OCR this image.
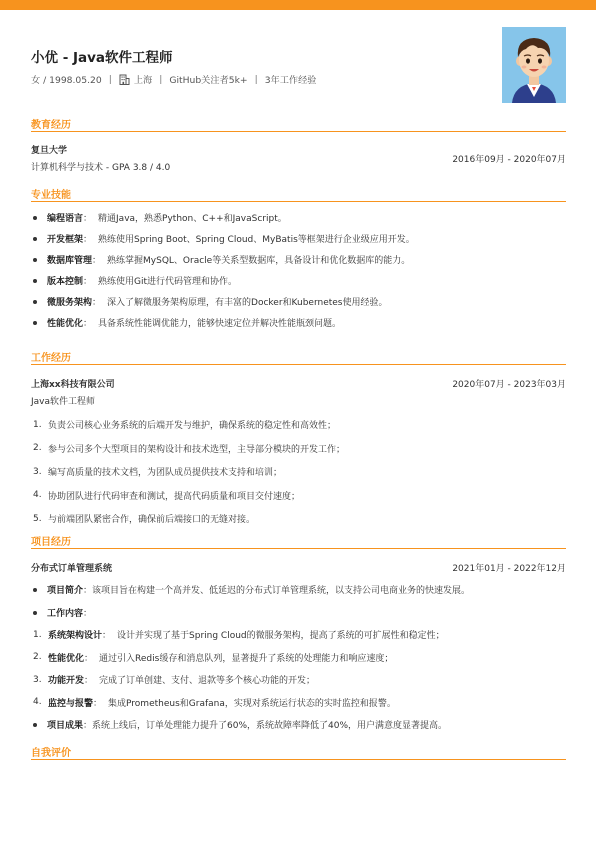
小优 - Java软件工程师
女 / 1998.05.20 | 上海 | GitHub关注者5k+ | 3年工作经验
教育经历
复旦大学
2016年09月 - 2020年07月
计算机科学与技术 - GPA 3.8 / 4.0
专业技能
编程语言 ： 精通Java，熟悉Python、C++和JavaScript。
开发框架 ： 熟练使用Spring Boot、Spring Cloud、MyBatis等框架进行企业级应用开发。
数据库管理 ： 熟练掌握MySQL、Oracle等关系型数据库，具备设计和优化数据库的能力。
版本控制 ： 熟练使用Git进行代码管理和协作。
微服务架构 ： 深入了解微服务架构原理，有丰富的Docker和Kubernetes使用经验。
性能优化 ： 具备系统性能调优能力，能够快速定位并解决性能瓶颈问题。
工作经历
上海xx科技有限公司	2020年07月 - 2023年03月
Java软件工程师
1. 负责公司核心业务系统的后端开发与维护，确保系统的稳定性和高效性；
2. 参与公司多个大型项目的架构设计和技术选型，主导部分模块的开发工作；
3. 编写高质量的技术文档，为团队成员提供技术支持和培训；
4. 协助团队进行代码审查和测试，提高代码质量和项目交付速度；
5. 与前端团队紧密合作，确保前后端接口的无缝对接。
项目经历
分布式订单管理系统	2021年01月 - 2022年12月
项目简介 ：该项目旨在构建一个高并发、低延迟的分布式订单管理系统，以支持公司电商业务的快速发展。
工作内容 ：
1. 系统架构设计 ： 设计并实现了基于Spring Cloud的微服务架构，提高了系统的可扩展性和稳定性；
2. 性能优化 ： 通过引入Redis缓存和消息队列，显著提升了系统的处理能力和响应速度；
3. 功能开发 ： 完成了订单创建、支付、退款等多个核心功能的开发；
4. 监控与报警 ： 集成Prometheus和Grafana，实现对系统运行状态的实时监控和报警。
项目成果 ：系统上线后，订单处理能力提升了60%，系统故障率降低了40%，用户满意度显著提高。
自我评价
